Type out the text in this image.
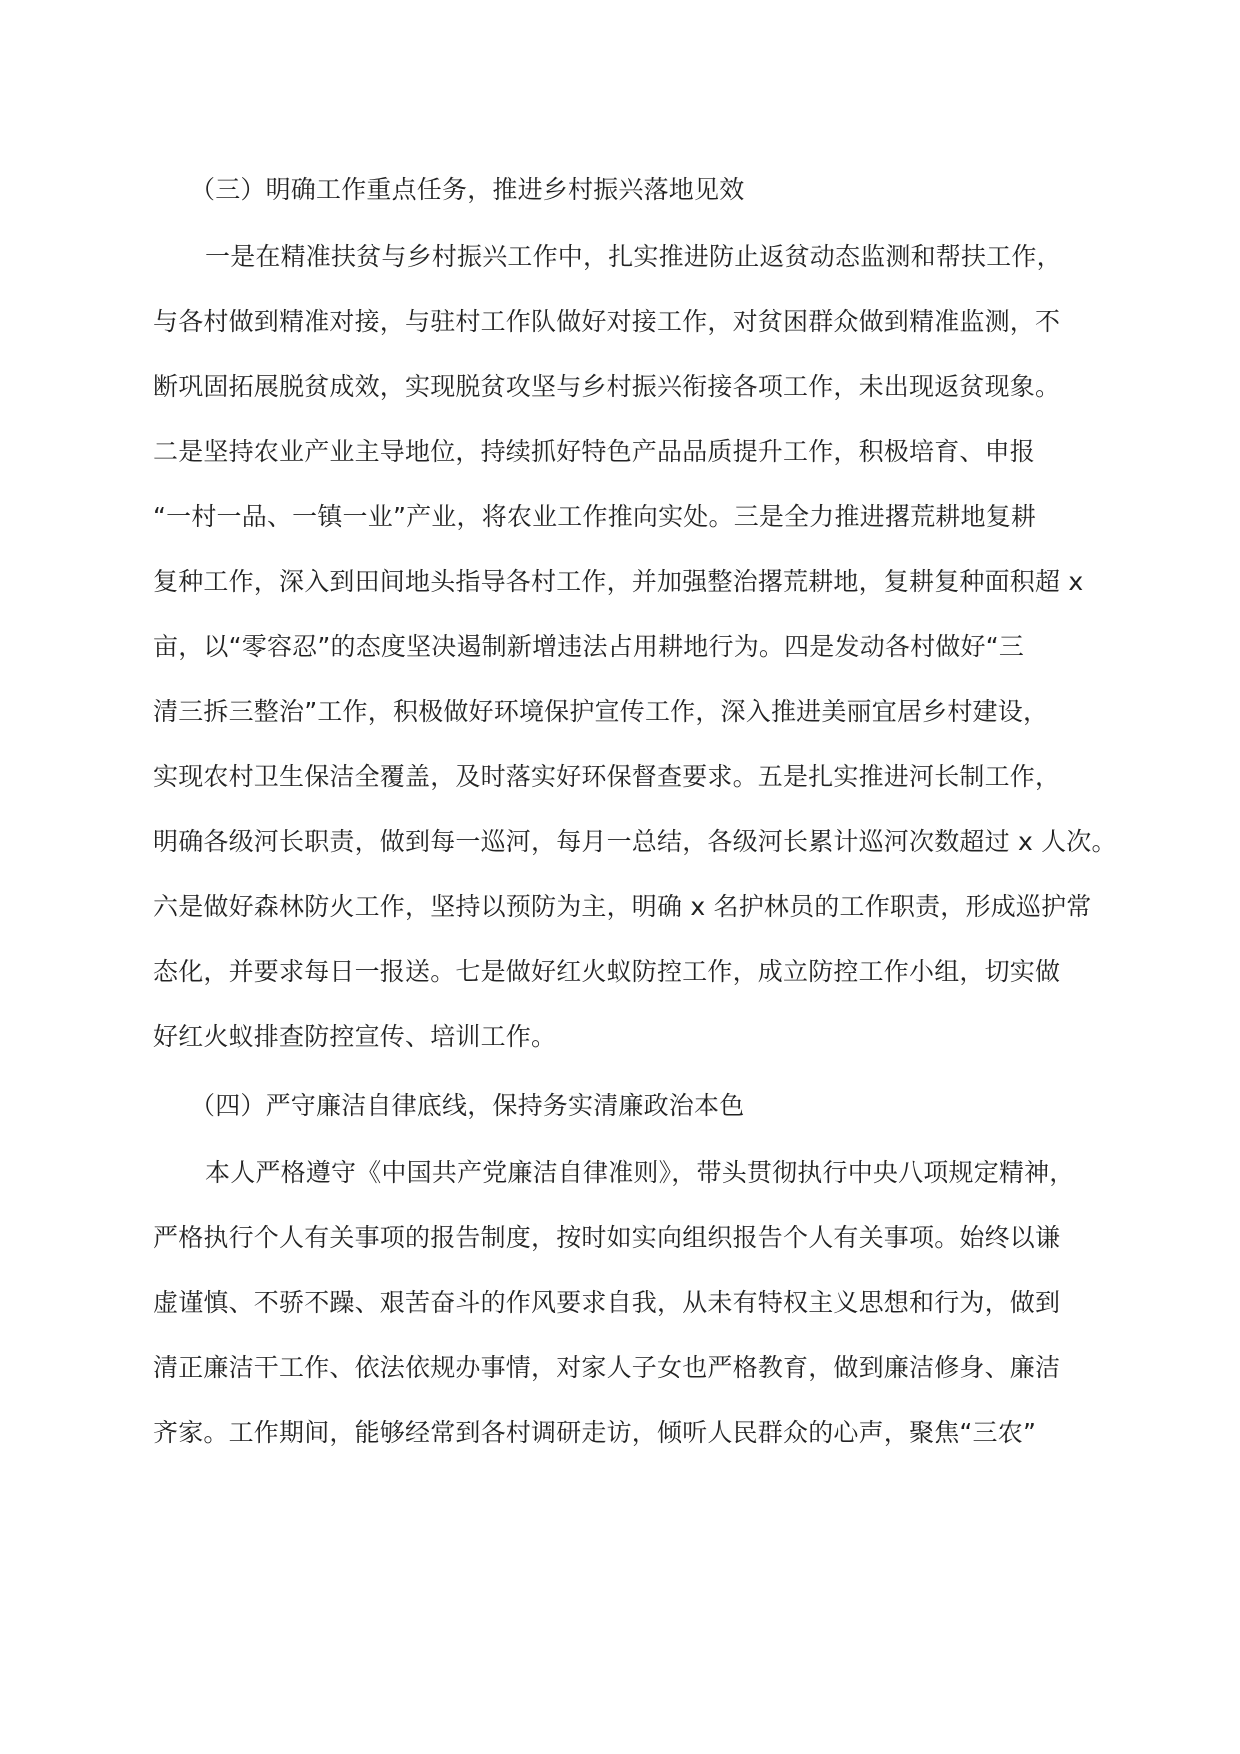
（三）明确工作重点任务，推进乡村振兴落地见效

一是在精准扶贫与乡村振兴工作中，扎实推进防止返贫动态监测和帮扶工作，

与各村做到精准对接，与驻村工作队做好对接工作，对贫困群众做到精准监测，不

断巩固拓展脱贫成效，实现脱贫攻坚与乡村振兴衔接各项工作，未出现返贫现象。

二是坚持农业产业主导地位，持续抓好特色产品品质提升工作，积极培育、申报

“一村一品、一镇一业”产业，将农业工作推向实处。三是全力推进撂荒耕地复耕

复种工作，深入到田间地头指导各村工作，并加强整治撂荒耕地，复耕复种面积超 x

亩，以“零容忍”的态度坚决遏制新增违法占用耕地行为。四是发动各村做好“三

清三拆三整治”工作，积极做好环境保护宣传工作，深入推进美丽宜居乡村建设，

实现农村卫生保洁全覆盖，及时落实好环保督查要求。五是扎实推进河长制工作，

明确各级河长职责，做到每一巡河，每月一总结，各级河长累计巡河次数超过 x 人次。

六是做好森林防火工作，坚持以预防为主，明确 x 名护林员的工作职责，形成巡护常

态化，并要求每日一报送。七是做好红火蚁防控工作，成立防控工作小组，切实做

好红火蚁排查防控宣传、培训工作。

（四）严守廉洁自律底线，保持务实清廉政治本色

本人严格遵守《中国共产党廉洁自律准则》，带头贯彻执行中央八项规定精神，

严格执行个人有关事项的报告制度，按时如实向组织报告个人有关事项。始终以谦

虚谨慎、不骄不躁、艰苦奋斗的作风要求自我，从未有特权主义思想和行为，做到

清正廉洁干工作、依法依规办事情，对家人子女也严格教育，做到廉洁修身、廉洁

齐家。工作期间，能够经常到各村调研走访，倾听人民群众的心声，聚焦“三农”
